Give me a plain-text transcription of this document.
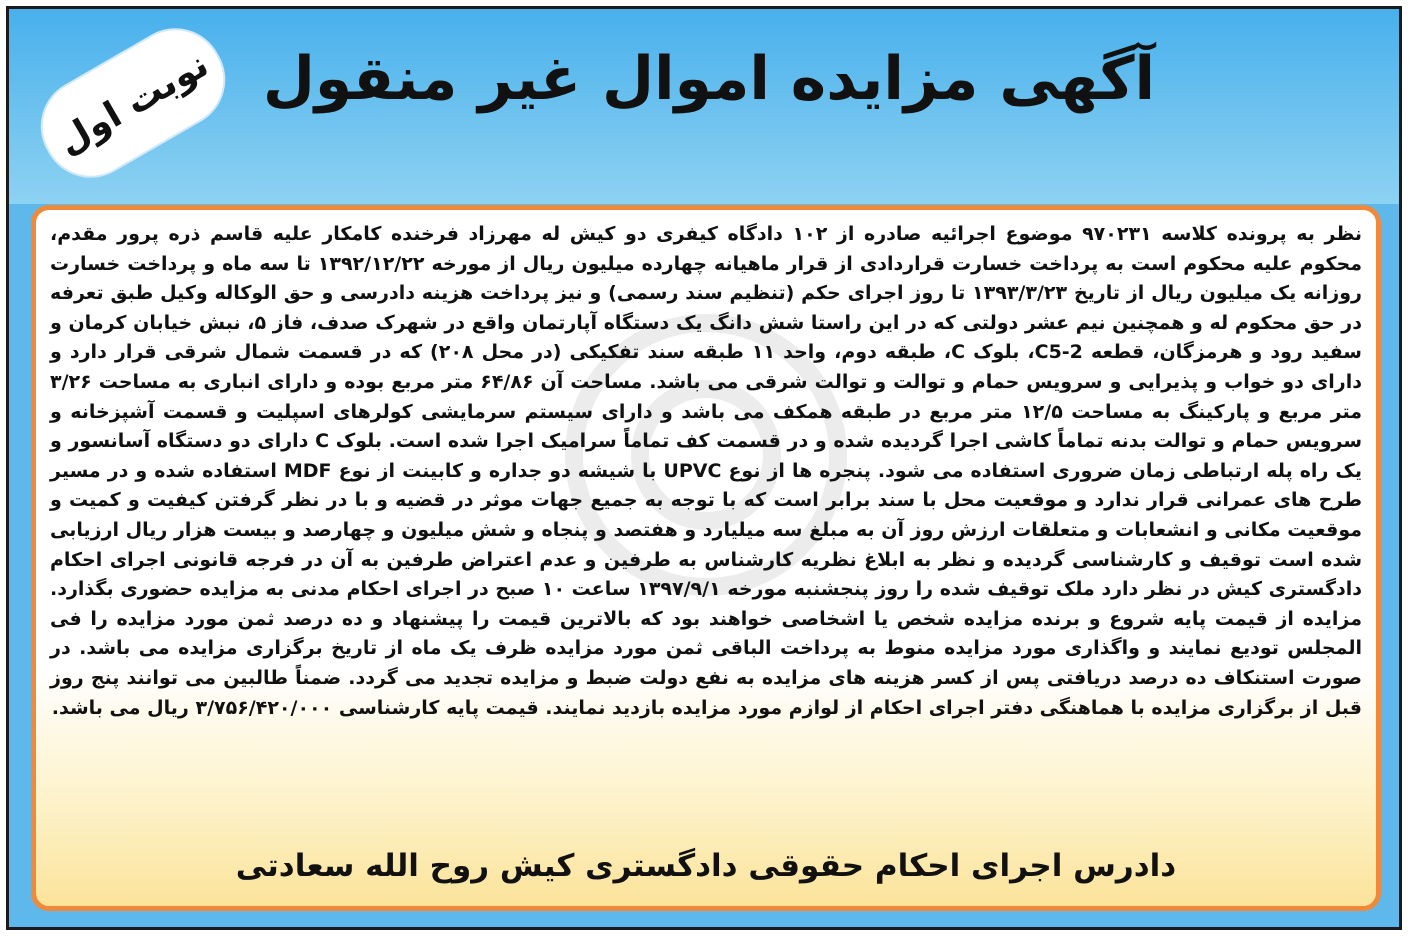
نوبت اول آگهی مزایده اموال غیر منقول

نظر به پرونده کلاسه ۹۷۰۲۳۱ موضوع اجرائیه صادره از ۱۰۲ دادگاه کیفری دو کیش له مهرزاد فرخنده کامکار علیه قاسم ذره پرور مقدم، محکوم علیه محکوم است به پرداخت خسارت قراردادی از قرار ماهیانه چهارده میلیون ریال از مورخه ۱۳۹۲/۱۲/۲۲ تا سه ماه و پرداخت خسارت روزانه یک میلیون ریال از تاریخ ۱۳۹۳/۳/۲۳ تا روز اجرای حکم (تنظیم سند رسمی) و نیز پرداخت هزینه دادرسی و حق الوکاله وکیل طبق تعرفه در حق محکوم له و همچنین نیم عشر دولتی که در این راستا شش دانگ یک دستگاه آپارتمان واقع در شهرک صدف، فاز ۵، نبش خیابان کرمان و سفید رود و هرمزگان، قطعه C5-2، بلوک C، طبقه دوم، واحد ۱۱ طبقه سند تفکیکی (در محل ۲۰۸) که در قسمت شمال شرقی قرار دارد و دارای دو خواب و پذیرایی و سرویس حمام و توالت و توالت شرقی می باشد. مساحت آن ۶۴/۸۶ متر مربع بوده و دارای انباری به مساحت ۳/۲۶ متر مربع و پارکینگ به مساحت ۱۲/۵ متر مربع در طبقه همکف می باشد و دارای سیستم سرمایشی کولرهای اسپلیت و قسمت آشپزخانه و سرویس حمام و توالت بدنه تماماً کاشی اجرا گردیده شده و در قسمت کف تماماً سرامیک اجرا شده است. بلوک C دارای دو دستگاه آسانسور و یک راه پله ارتباطی زمان ضروری استفاده می شود. پنجره ها از نوع UPVC با شیشه دو جداره و کابینت از نوع MDF استفاده شده و در مسیر طرح های عمرانی قرار ندارد و موقعیت محل با سند برابر است که با توجه به جمیع جهات موثر در قضیه و با در نظر گرفتن کیفیت و کمیت و موقعیت مکانی و انشعابات و متعلقات ارزش روز آن به مبلغ سه میلیارد و هفتصد و پنجاه و شش میلیون و چهارصد و بیست هزار ریال ارزیابی شده است توقیف و کارشناسی گردیده و نظر به ابلاغ نظریه کارشناس به طرفین و عدم اعتراض طرفین به آن در فرجه قانونی اجرای احکام دادگستری کیش در نظر دارد ملک توقیف شده را روز پنجشنبه مورخه ۱۳۹۷/۹/۱ ساعت ۱۰ صبح در اجرای احکام مدنی به مزایده حضوری بگذارد. مزایده از قیمت پایه شروع و برنده مزایده شخص یا اشخاصی خواهند بود که بالاترین قیمت را پیشنهاد و ده درصد ثمن مورد مزایده را فی المجلس تودیع نمایند و واگذاری مورد مزایده منوط به پرداخت الباقی ثمن مورد مزایده ظرف یک ماه از تاریخ برگزاری مزایده می باشد. در صورت استنکاف ده درصد دریافتی پس از کسر هزینه های مزایده به نفع دولت ضبط و مزایده تجدید می گردد. ضمناً طالبین می توانند پنج روز قبل از برگزاری مزایده با هماهنگی دفتر اجرای احکام از لوازم مورد مزایده بازدید نمایند. قیمت پایه کارشناسی ۳/۷۵۶/۴۲۰/۰۰۰ ریال می باشد.

دادرس اجرای احکام حقوقی دادگستری کیش روح الله سعادتی
